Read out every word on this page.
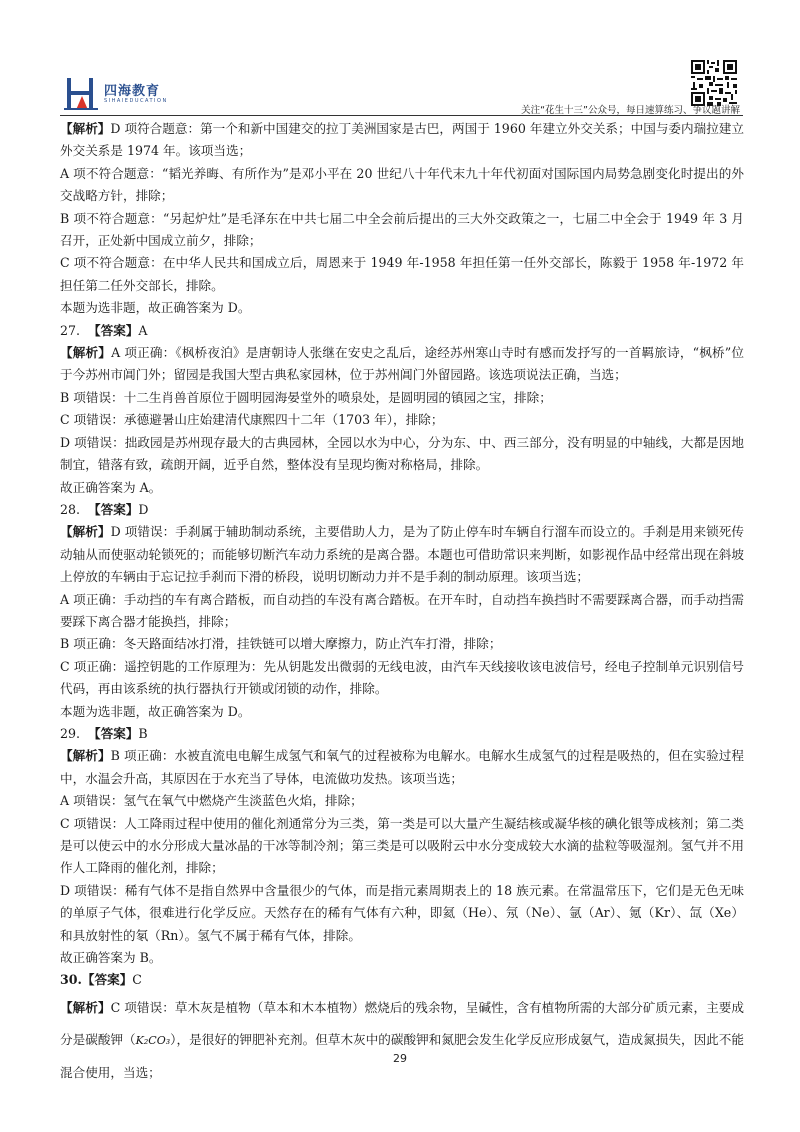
四海教育
SIHAIEDUCATION
关注“花生十三”公众号，每日速算练习、争议题讲解

【解析】D 项符合题意：第一个和新中国建交的拉丁美洲国家是古巴，两国于 1960 年建立外交关系；中国与委内瑞拉建立外交关系是 1974 年。该项当选；

A 项不符合题意：“韬光养晦、有所作为”是邓小平在 20 世纪八十年代末九十年代初面对国际国内局势急剧变化时提出的外交战略方针，排除；

B 项不符合题意：“另起炉灶”是毛泽东在中共七届二中全会前后提出的三大外交政策之一，七届二中全会于 1949 年 3 月召开，正处新中国成立前夕，排除；

C 项不符合题意：在中华人民共和国成立后，周恩来于 1949 年-1958 年担任第一任外交部长，陈毅于 1958 年-1972 年担任第二任外交部长，排除。

本题为选非题，故正确答案为 D。

27. 【答案】A

【解析】A 项正确：《枫桥夜泊》是唐朝诗人张继在安史之乱后，途经苏州寒山寺时有感而发抒写的一首羁旅诗，“枫桥”位于今苏州市阊门外；留园是我国大型古典私家园林，位于苏州阊门外留园路。该选项说法正确，当选；

B 项错误：十二生肖兽首原位于圆明园海晏堂外的喷泉处，是圆明园的镇园之宝，排除；

C 项错误：承德避暑山庄始建清代康熙四十二年（1703 年），排除；

D 项错误：拙政园是苏州现存最大的古典园林，全园以水为中心，分为东、中、西三部分，没有明显的中轴线，大都是因地制宜，错落有致，疏朗开阔，近乎自然，整体没有呈现均衡对称格局，排除。

故正确答案为 A。

28. 【答案】D

【解析】D 项错误：手刹属于辅助制动系统，主要借助人力，是为了防止停车时车辆自行溜车而设立的。手刹是用来锁死传动轴从而使驱动轮锁死的；而能够切断汽车动力系统的是离合器。本题也可借助常识来判断，如影视作品中经常出现在斜坡上停放的车辆由于忘记拉手刹而下滑的桥段，说明切断动力并不是手刹的制动原理。该项当选；

A 项正确：手动挡的车有离合踏板，而自动挡的车没有离合踏板。在开车时，自动挡车换挡时不需要踩离合器，而手动挡需要踩下离合器才能换挡，排除；

B 项正确：冬天路面结冰打滑，挂铁链可以增大摩擦力，防止汽车打滑，排除；

C 项正确：遥控钥匙的工作原理为：先从钥匙发出微弱的无线电波，由汽车天线接收该电波信号，经电子控制单元识别信号代码，再由该系统的执行器执行开锁或闭锁的动作，排除。

本题为选非题，故正确答案为 D。

29. 【答案】B

【解析】B 项正确：水被直流电电解生成氢气和氧气的过程被称为电解水。电解水生成氢气的过程是吸热的，但在实验过程中，水温会升高，其原因在于水充当了导体，电流做功发热。该项当选；

A 项错误：氢气在氧气中燃烧产生淡蓝色火焰，排除；

C 项错误：人工降雨过程中使用的催化剂通常分为三类，第一类是可以大量产生凝结核或凝华核的碘化银等成核剂；第二类是可以使云中的水分形成大量冰晶的干冰等制冷剂；第三类是可以吸附云中水分变成较大水滴的盐粒等吸湿剂。氢气并不用作人工降雨的催化剂，排除；

D 项错误：稀有气体不是指自然界中含量很少的气体，而是指元素周期表上的 18 族元素。在常温常压下，它们是无色无味的单原子气体，很难进行化学反应。天然存在的稀有气体有六种，即氦（He）、氖（Ne）、氩（Ar）、氪（Kr）、氙（Xe）和具放射性的氡（Rn）。氢气不属于稀有气体，排除。

故正确答案为 B。

30.【答案】C

【解析】C 项错误：草木灰是植物（草本和木本植物）燃烧后的残余物，呈碱性，含有植物所需的大部分矿质元素，主要成分是碳酸钾（K₂CO₃），是很好的钾肥补充剂。但草木灰中的碳酸钾和氮肥会发生化学反应形成氨气，造成氮损失，因此不能混合使用，当选；

29
